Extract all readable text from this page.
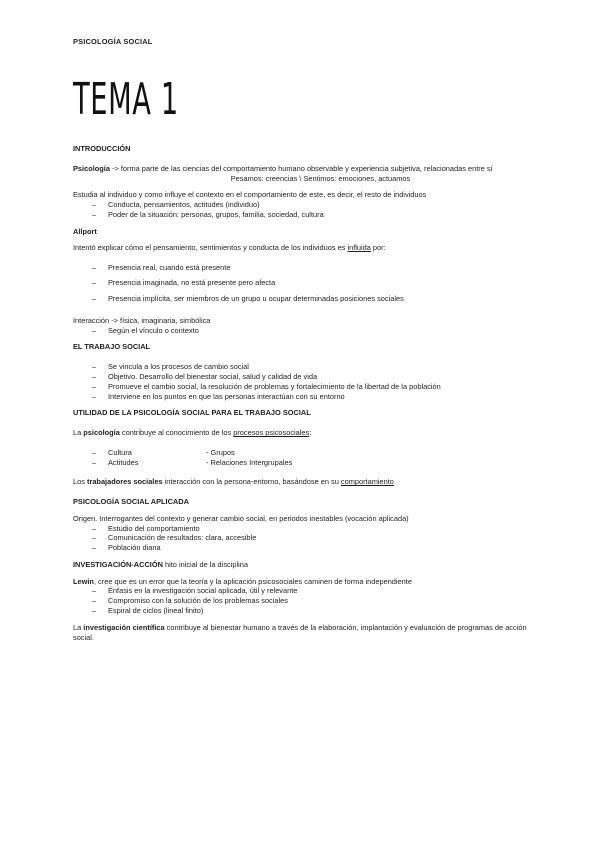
PSICOLOGÍA SOCIAL
TEMA 1

INTRODUCCIÓN

Psicología -> forma parte de las ciencias del comportamiento humano observable y experiencia subjetiva, relacionadas entre sí

Pesamos: creencias \ Sentimos: emociones, actuamos

Estudia al individuo y como influye el contexto en el comportamiento de este, es decir, el resto de individuos

– Conducta, pensamientos, actitudes (individuo)
– Poder de la situación: personas, grupos, familia, sociedad, cultura

Allport

Intentó explicar cómo el pensamiento, sentimientos y conducta de los individuos es influida por:

– Presencia real, cuando está presente
– Presencia imaginada, no está presente pero afecta
– Presencia implícita, ser miembros de un grupo u ocupar determinadas posiciones sociales

Interacción -> física, imaginaria, simbólica

– Según el vínculo o contexto

EL TRABAJO SOCIAL

– Se vincula a los procesos de cambio social
– Objetivo. Desarrollo del bienestar social, salud y calidad de vida
– Promueve el cambio social, la resolución de problemas y fortalecimiento de la libertad de la población
– Interviene en los puntos en que las personas interactúan con su entorno

UTILIDAD DE LA PSICOLOGÍA SOCIAL PARA EL TRABAJO SOCIAL

La psicología contribuye al conocimiento de los procesos psicosociales:

– Cultura	- Grupos
– Actitudes	- Relaciones Intergrupales

Los trabajadores sociales interacción con la persona-entorno, basándose en su comportamiento

PSICOLOGÍA SOCIAL APLICADA

Origen. Interrogantes del contexto y generar cambio social, en periodos inestables (vocación aplicada)

– Estudio del comportamiento
– Comunicación de resultados: clara, accesible
– Población diana

INVESTIGACIÓN-ACCIÓN hito inicial de la disciplina

Lewin, cree que es un error que la teoría y la aplicación psicosociales caminen de forma independiente

– Énfasis en la investigación social aplicada, útil y relevante
– Compromiso con la solución de los problemas sociales
– Espiral de ciclos (lineal finito)

La investigación científica contribuye al bienestar humano a través de la elaboración, implantación y evaluación de programas de acción social.
